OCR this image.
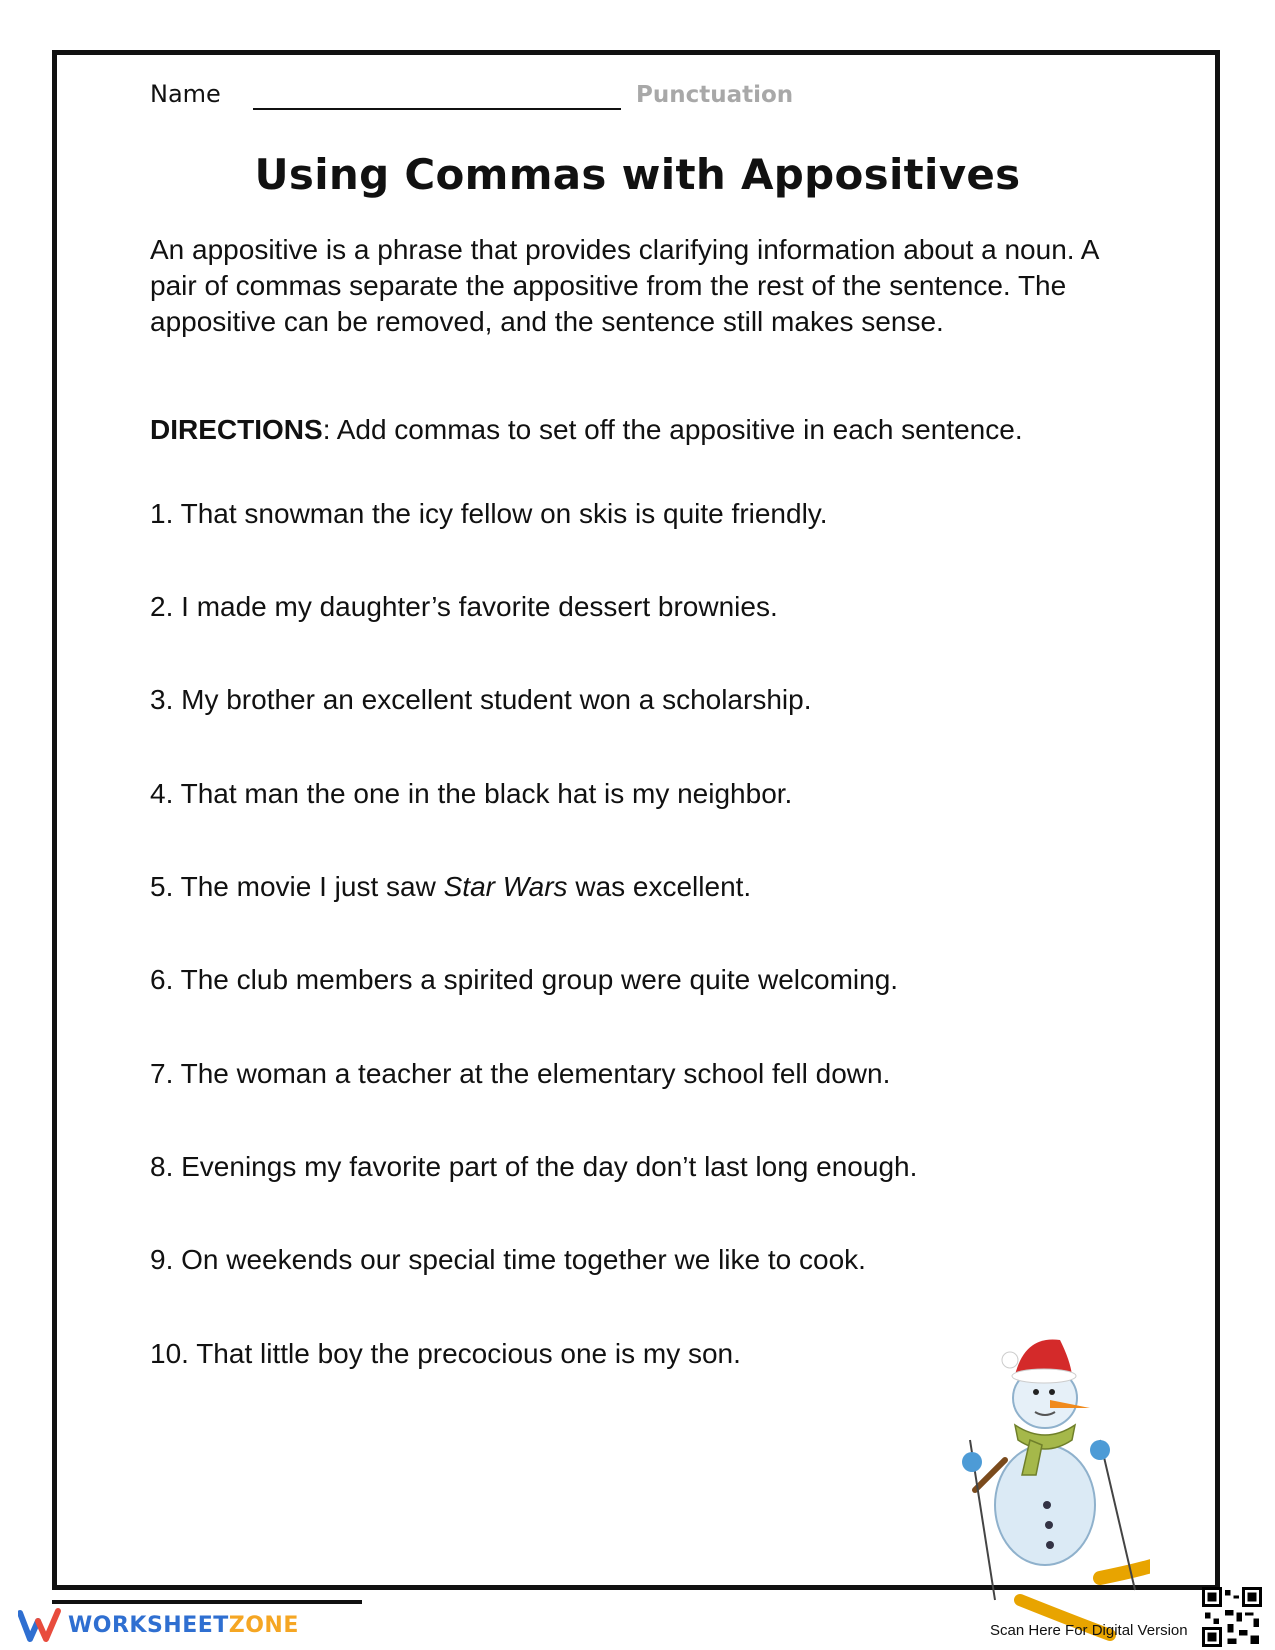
Name	Punctuation
Using Commas with Appositives
An appositive is a phrase that provides clarifying information about a noun. A pair of commas separate the appositive from the rest of the sentence. The appositive can be removed, and the sentence still makes sense.
DIRECTIONS: Add commas to set off the appositive in each sentence.
1. That snowman the icy fellow on skis is quite friendly.
2. I made my daughter’s favorite dessert brownies.
3. My brother an excellent student won a scholarship.
4. That man the one in the black hat is my neighbor.
5. The movie I just saw Star Wars was excellent.
6. The club members a spirited group were quite welcoming.
7. The woman a teacher at the elementary school fell down.
8. Evenings my favorite part of the day don’t last long enough.
9. On weekends our special time together we like to cook.
10. That little boy the precocious one is my son.
WORKSHEETZONE	Scan Here For Digital Version
